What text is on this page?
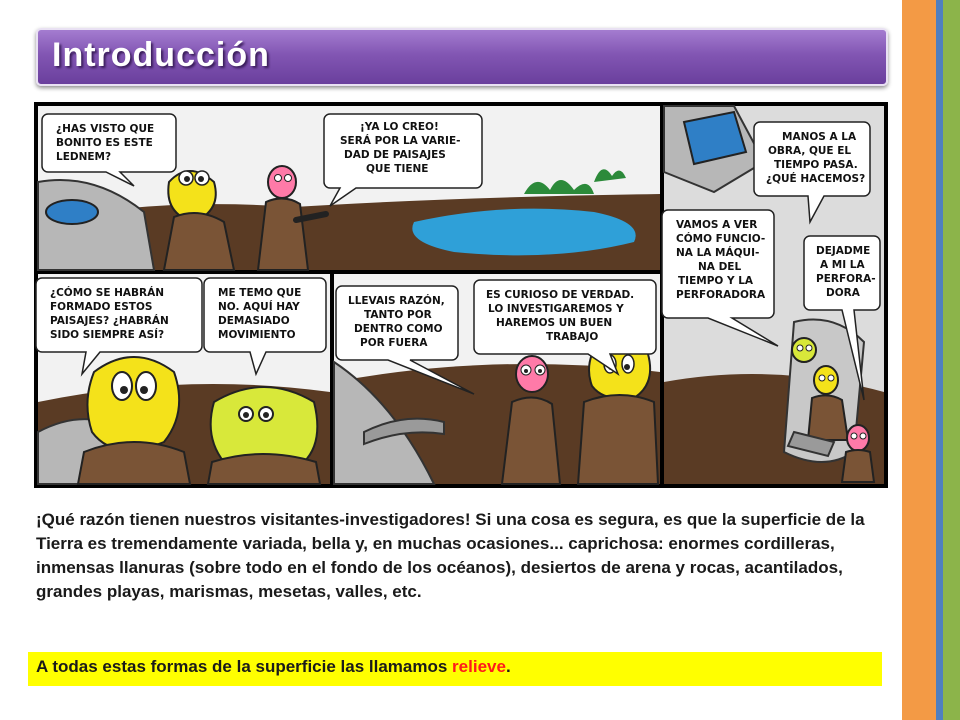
Introducción
¿HAS VISTO QUE
BONITO ES ESTE
LEDNEM?
¡YA LO CREO!
SERÁ POR LA VARIE-
DAD DE PAISAJES
QUE TIENE
¿CÓMO SE HABRÁN
FORMADO ESTOS
PAISAJES? ¿HABRÁN
SIDO SIEMPRE ASÍ?
ME TEMO QUE
NO. AQUÍ HAY
DEMASIADO
MOVIMIENTO
LLEVAIS RAZÓN,
TANTO POR
DENTRO COMO
POR FUERA
ES CURIOSO DE VERDAD.
LO INVESTIGAREMOS Y
HAREMOS UN BUEN
TRABAJO
MANOS A LA
OBRA, QUE EL
TIEMPO PASA.
¿QUÉ HACEMOS?
VAMOS A VER
CÓMO FUNCIO-
NA LA MÁQUI-
NA DEL
TIEMPO Y LA
PERFORADORA
DEJADME
A MI LA
PERFORA-
DORA

¡Qué razón tienen nuestros visitantes-investigadores! Si una cosa es segura, es que la superficie de la Tierra es tremendamente variada, bella y, en muchas ocasiones... caprichosa: enormes cordilleras, inmensas llanuras (sobre todo en el fondo de los océanos), desiertos de arena y rocas, acantilados, grandes playas, marismas, mesetas, valles, etc.

A todas estas formas de la superficie las llamamos relieve.
